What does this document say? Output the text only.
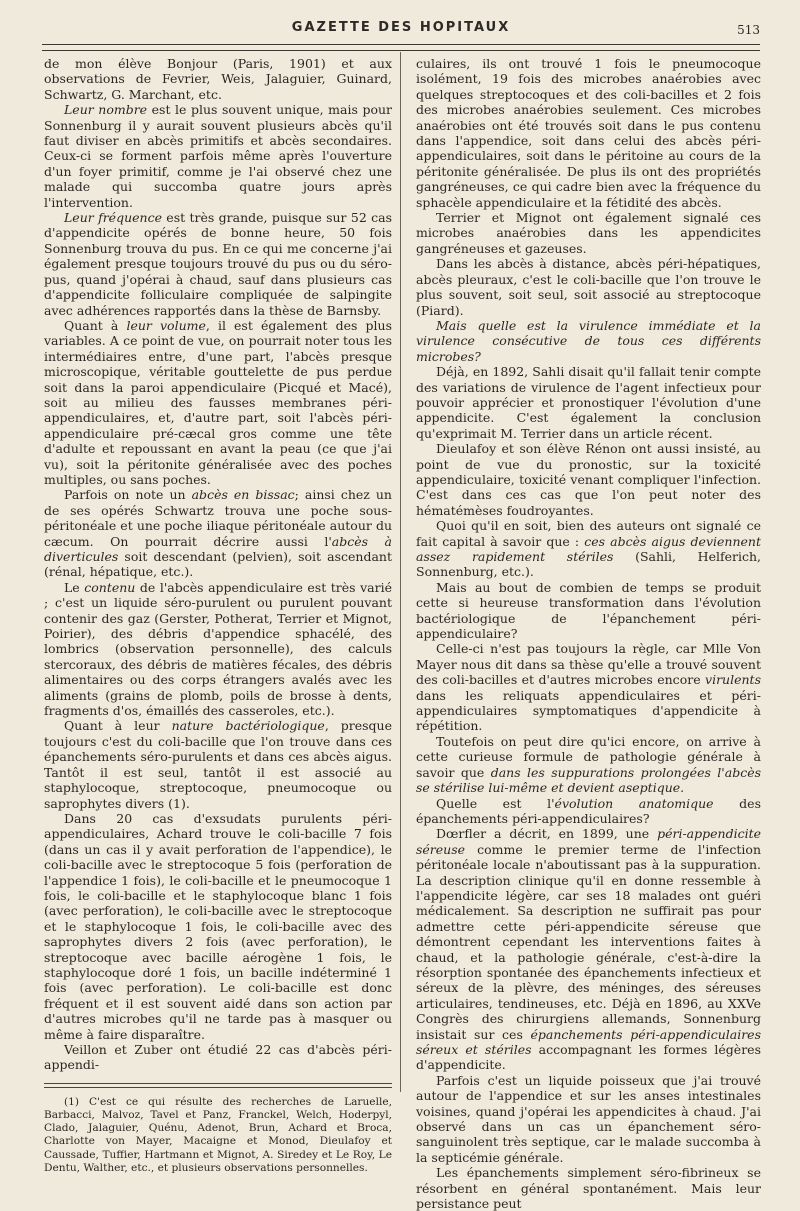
GAZETTE DES HOPITAUX	513

de mon élève Bonjour (Paris, 1901) et aux observations de Fevrier, Weis, Jalaguier, Guinard, Schwartz, G. Marchant, etc.

Leur nombre est le plus souvent unique, mais pour Sonnenburg il y aurait souvent plusieurs abcès qu'il faut diviser en abcès primitifs et abcès secondaires. Ceux-ci se forment parfois même après l'ouverture d'un foyer primitif, comme je l'ai observé chez une malade qui succomba quatre jours après l'intervention.

Leur fréquence est très grande, puisque sur 52 cas d'appendicite opérés de bonne heure, 50 fois Sonnenburg trouva du pus. En ce qui me concerne j'ai également presque toujours trouvé du pus ou du séro-pus, quand j'opérai à chaud, sauf dans plusieurs cas d'appendicite folliculaire compliquée de salpingite avec adhérences rapportés dans la thèse de Barnsby.

Quant à leur volume, il est également des plus variables. A ce point de vue, on pourrait noter tous les intermédiaires entre, d'une part, l'abcès presque microscopique, véritable gouttelette de pus perdue soit dans la paroi appendiculaire (Picqué et Macé), soit au milieu des fausses membranes péri-appendiculaires, et, d'autre part, soit l'abcès péri-appendiculaire pré-cæcal gros comme une tête d'adulte et repoussant en avant la peau (ce que j'ai vu), soit la péritonite généralisée avec des poches multiples, ou sans poches.

Parfois on note un abcès en bissac; ainsi chez un de ses opérés Schwartz trouva une poche sous-péritonéale et une poche iliaque péritonéale autour du cæcum. On pourrait décrire aussi l'abcès à diverticules soit descendant (pelvien), soit ascendant (rénal, hépatique, etc.).

Le contenu de l'abcès appendiculaire est très varié ; c'est un liquide séro-purulent ou purulent pouvant contenir des gaz (Gerster, Potherat, Terrier et Mignot, Poirier), des débris d'appendice sphacélé, des lombrics (observation personnelle), des calculs stercoraux, des débris de matières fécales, des débris alimentaires ou des corps étrangers avalés avec les aliments (grains de plomb, poils de brosse à dents, fragments d'os, émaillés des casseroles, etc.).

Quant à leur nature bactériologique, presque toujours c'est du coli-bacille que l'on trouve dans ces épanchements séro-purulents et dans ces abcès aigus. Tantôt il est seul, tantôt il est associé au staphylocoque, streptocoque, pneumocoque ou saprophytes divers (1).

Dans 20 cas d'exsudats purulents péri-appendiculaires, Achard trouve le coli-bacille 7 fois (dans un cas il y avait perforation de l'appendice), le coli-bacille avec le streptocoque 5 fois (perforation de l'appendice 1 fois), le coli-bacille et le pneumocoque 1 fois, le coli-bacille et le staphylocoque blanc 1 fois (avec perforation), le coli-bacille avec le streptocoque et le staphylocoque 1 fois, le coli-bacille avec des saprophytes divers 2 fois (avec perforation), le streptocoque avec bacille aérogène 1 fois, le staphylocoque doré 1 fois, un bacille indéterminé 1 fois (avec perforation). Le coli-bacille est donc fréquent et il est souvent aidé dans son action par d'autres microbes qu'il ne tarde pas à masquer ou même à faire disparaître.

Veillon et Zuber ont étudié 22 cas d'abcès péri-appendi-

(1) C'est ce qui résulte des recherches de Laruelle, Barbacci, Malvoz, Tavel et Panz, Franckel, Welch, Hoderpyl, Clado, Jalaguier, Quénu, Adenot, Brun, Achard et Broca, Charlotte von Mayer, Macaigne et Monod, Dieulafoy et Caussade, Tuffier, Hartmann et Mignot, A. Siredey et Le Roy, Le Dentu, Walther, etc., et plusieurs observations personnelles.

culaires, ils ont trouvé 1 fois le pneumocoque isolément, 19 fois des microbes anaérobies avec quelques streptocoques et des coli-bacilles et 2 fois des microbes anaérobies seulement. Ces microbes anaérobies ont été trouvés soit dans le pus contenu dans l'appendice, soit dans celui des abcès péri-appendiculaires, soit dans le péritoine au cours de la péritonite généralisée. De plus ils ont des propriétés gangréneuses, ce qui cadre bien avec la fréquence du sphacèle appendiculaire et la fétidité des abcès.

Terrier et Mignot ont également signalé ces microbes anaérobies dans les appendicites gangréneuses et gazeuses.

Dans les abcès à distance, abcès péri-hépatiques, abcès pleuraux, c'est le coli-bacille que l'on trouve le plus souvent, soit seul, soit associé au streptocoque (Piard).

Mais quelle est la virulence immédiate et la virulence consécutive de tous ces différents microbes?

Déjà, en 1892, Sahli disait qu'il fallait tenir compte des variations de virulence de l'agent infectieux pour pouvoir apprécier et pronostiquer l'évolution d'une appendicite. C'est également la conclusion qu'exprimait M. Terrier dans un article récent.

Dieulafoy et son élève Rénon ont aussi insisté, au point de vue du pronostic, sur la toxicité appendiculaire, toxicité venant compliquer l'infection. C'est dans ces cas que l'on peut noter des hématémèses foudroyantes.

Quoi qu'il en soit, bien des auteurs ont signalé ce fait capital à savoir que : ces abcès aigus deviennent assez rapidement stériles (Sahli, Helferich, Sonnenburg, etc.).

Mais au bout de combien de temps se produit cette si heureuse transformation dans l'évolution bactériologique de l'épanchement péri-appendiculaire?

Celle-ci n'est pas toujours la règle, car Mlle Von Mayer nous dit dans sa thèse qu'elle a trouvé souvent des coli-bacilles et d'autres microbes encore virulents dans les reliquats appendiculaires et péri-appendiculaires symptomatiques d'appendicite à répétition.

Toutefois on peut dire qu'ici encore, on arrive à cette curieuse formule de pathologie générale à savoir que dans les suppurations prolongées l'abcès se stérilise lui-même et devient aseptique.

Quelle est l'évolution anatomique des épanchements péri-appendiculaires?

Dœrfler a décrit, en 1899, une péri-appendicite séreuse comme le premier terme de l'infection péritonéale locale n'aboutissant pas à la suppuration. La description clinique qu'il en donne ressemble à l'appendicite légère, car ses 18 malades ont guéri médicalement. Sa description ne suffirait pas pour admettre cette péri-appendicite séreuse que démontrent cependant les interventions faites à chaud, et la pathologie générale, c'est-à-dire la résorption spontanée des épanchements infectieux et séreux de la plèvre, des méninges, des séreuses articulaires, tendineuses, etc. Déjà en 1896, au XXVe Congrès des chirurgiens allemands, Sonnenburg insistait sur ces épanchements péri-appendiculaires séreux et stériles accompagnant les formes légères d'appendicite.

Parfois c'est un liquide poisseux que j'ai trouvé autour de l'appendice et sur les anses intestinales voisines, quand j'opérai les appendicites à chaud. J'ai observé dans un cas un épanchement séro-sanguinolent très septique, car le malade succomba à la septicémie générale.

Les épanchements simplement séro-fibrineux se résorbent en général spontanément. Mais leur persistance peut
